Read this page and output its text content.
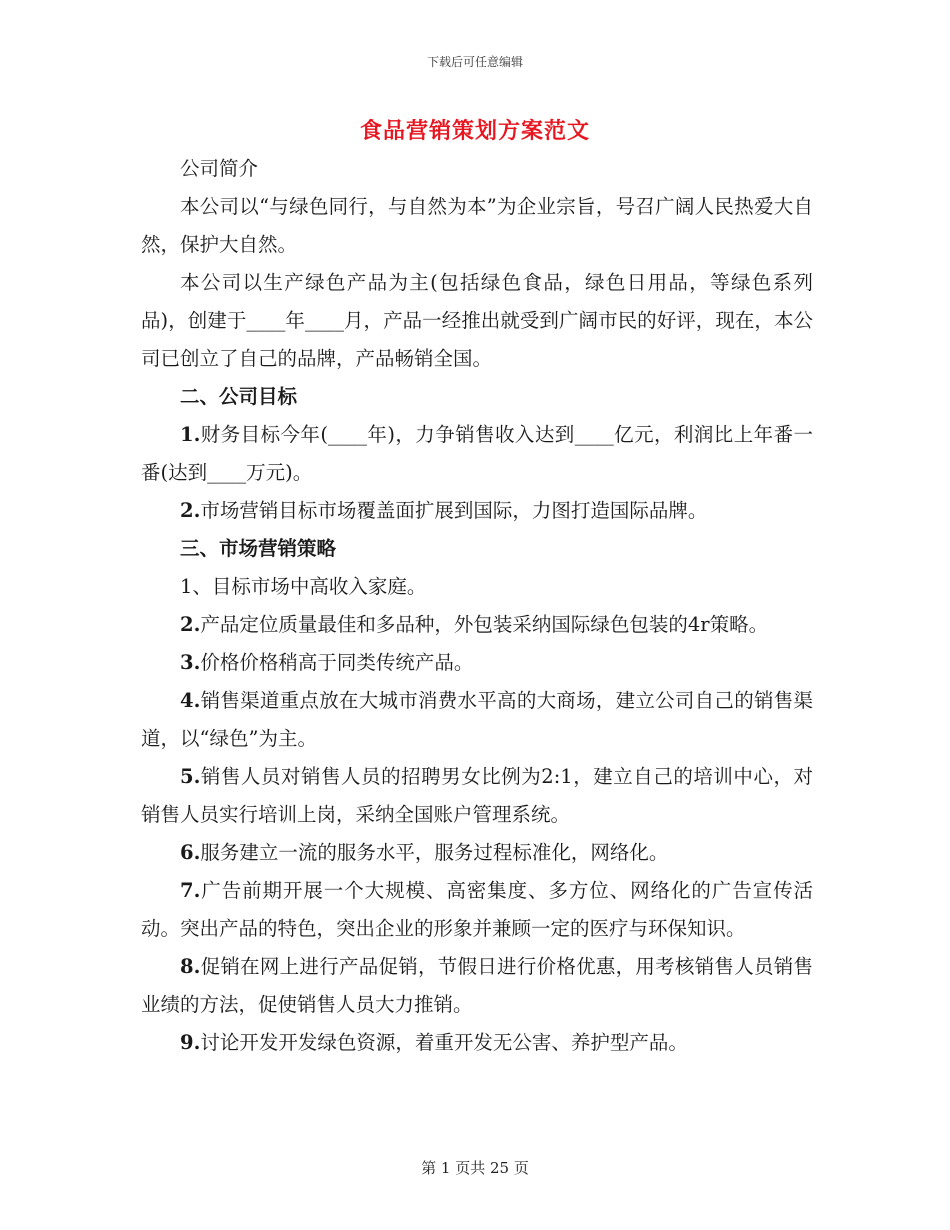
下载后可任意编辑
食品营销策划方案范文

公司简介

本公司以“与绿色同行，与自然为本”为企业宗旨，号召广阔人民热爱大自然，保护大自然。

本公司以生产绿色产品为主(包括绿色食品，绿色日用品，等绿色系列品)，创建于____年____月，产品一经推出就受到广阔市民的好评，现在，本公司已创立了自己的品牌，产品畅销全国。

二、公司目标

1.财务目标今年(____年)，力争销售收入达到____亿元，利润比上年番一番(达到____万元)。

2.市场营销目标市场覆盖面扩展到国际，力图打造国际品牌。

三、市场营销策略

1、目标市场中高收入家庭。

2.产品定位质量最佳和多品种，外包装采纳国际绿色包装的4r策略。

3.价格价格稍高于同类传统产品。

4.销售渠道重点放在大城市消费水平高的大商场，建立公司自己的销售渠道，以“绿色”为主。

5.销售人员对销售人员的招聘男女比例为2:1，建立自己的培训中心，对销售人员实行培训上岗，采纳全国账户管理系统。

6.服务建立一流的服务水平，服务过程标准化，网络化。

7.广告前期开展一个大规模、高密集度、多方位、网络化的广告宣传活动。突出产品的特色，突出企业的形象并兼顾一定的医疗与环保知识。

8.促销在网上进行产品促销，节假日进行价格优惠，用考核销售人员销售业绩的方法，促使销售人员大力推销。

9.讨论开发开发绿色资源，着重开发无公害、养护型产品。

第 1 页共 25 页
